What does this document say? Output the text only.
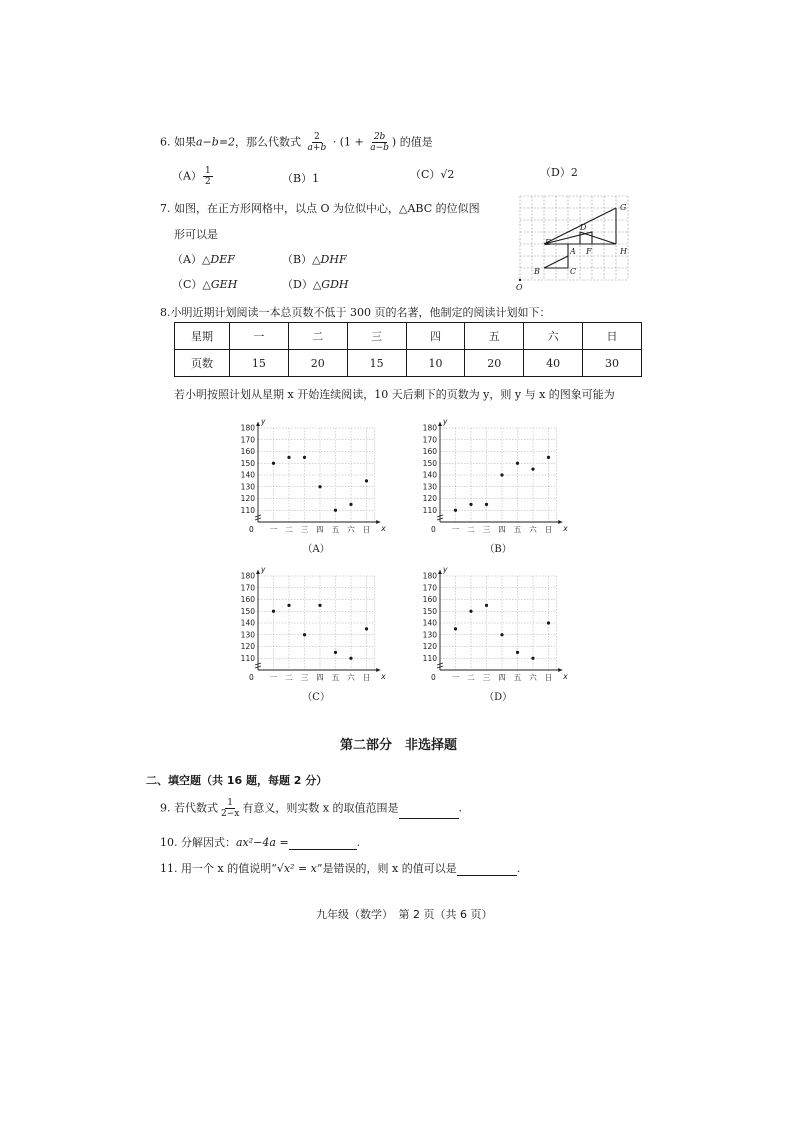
6. 如果a−b=2，那么代数式 $\frac{2}{a+b} \cdot (1 + \frac{2b}{a-b}$ ) 的值是
$(A) \frac{1}{2}$	（B）1	（C）√2	（D）2
7. 如图，在正方形网格中，以点 O 为位似中心，△ABC 的位似图
形可以是
（A）△DEF	（B）△DHF
（C）△GEH	（D）△GDH
G
D
E
A F	H
B	C
O
8.小明近期计划阅读一本总页数不低于 300 页的名著，他制定的阅读计划如下：
星期	一	二	三	四	五	六	日
页数	15	20	15	10	20	40	30
若小明按照计划从星期 x 开始连续阅读，10 天后剩下的页数为 y，则 y 与 x 的图象可能为
110
120
130
140
150
160
170
180
0
y
x
一 二 三 四 五 六 日
（A）
110
120
130
140
150
160
170
180
0
y
x
一 二 三 四 五 六 日
（B）
110
120
130
140
150
160
170
180
0
y
x
一 二 三 四 五 六 日
（C）
110
120
130
140
150
160
170
180
0
y
x
一 二 三 四 五 六 日
（D）
第二部分　非选择题
二、填空题（共 16 题，每题 2 分）
9. 若代数式 $\frac{1}{2-x}$ 有意义，则实数 x 的取值范围是	.
10. 分解因式：ax²−4a =	.
11. 用一个 x 的值说明“√x² = x”是错误的，则 x 的值可以是	.
九年级（数学）　第 2 页（共 6 页）
